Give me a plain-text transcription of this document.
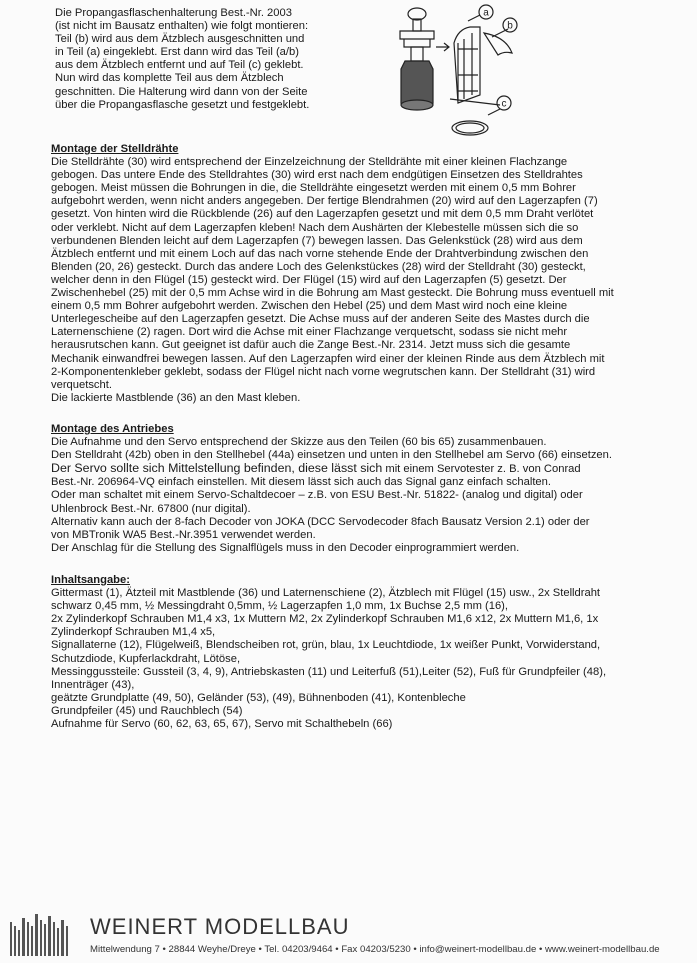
Die Propangasflaschenhalterung Best.-Nr. 2003

(ist nicht im Bausatz enthalten) wie folgt montieren:

Teil (b) wird aus dem Ätzblech ausgeschnitten und

in Teil (a) eingeklebt. Erst dann wird das Teil (a/b)

aus dem Ätzblech entfernt und auf Teil (c) geklebt.

Nun wird das komplette Teil aus dem Ätzblech

geschnitten. Die Halterung wird dann von der Seite

über die Propangasflasche gesetzt und festgeklebt.

a
b
c

Montage der Stelldrähte

Die Stelldrähte (30) wird entsprechend der Einzelzeichnung der Stelldrähte mit einer kleinen Flachzange

gebogen. Das untere Ende des Stelldrahtes (30) wird erst nach dem endgütigen Einsetzen des Stelldrahtes

gebogen. Meist müssen die Bohrungen in die, die Stelldrähte eingesetzt werden mit einem 0,5 mm Bohrer

aufgebohrt werden, wenn nicht anders angegeben. Der fertige Blendrahmen (20) wird auf den Lagerzapfen (7)

gesetzt. Von hinten wird die Rückblende (26) auf den Lagerzapfen gesetzt und mit dem 0,5 mm Draht verlötet

oder verklebt. Nicht auf dem Lagerzapfen kleben! Nach dem Aushärten der Klebestelle müssen sich die so

verbundenen Blenden leicht auf dem Lagerzapfen (7) bewegen lassen. Das Gelenkstück (28) wird aus dem

Ätzblech entfernt und mit einem Loch auf das nach vorne stehende Ende der Drahtverbindung zwischen den

Blenden (20, 26) gesteckt. Durch das andere Loch des Gelenkstückes (28) wird der Stelldraht (30) gesteckt,

welcher denn in den Flügel (15) gesteckt wird. Der Flügel (15) wird auf den Lagerzapfen (5) gesetzt. Der

Zwischenhebel (25) mit der 0,5 mm Achse wird in die Bohrung am Mast gesteckt. Die Bohrung muss eventuell mit

einem 0,5 mm Bohrer aufgebohrt werden. Zwischen den Hebel (25) und dem Mast wird noch eine kleine

Unterlegescheibe auf den Lagerzapfen gesetzt. Die Achse muss auf der anderen Seite des Mastes durch die

Laternenschiene (2) ragen. Dort wird die Achse mit einer Flachzange verquetscht, sodass sie nicht mehr

herausrutschen kann. Gut geeignet ist dafür auch die Zange Best.-Nr. 2314. Jetzt muss sich die gesamte

Mechanik einwandfrei bewegen lassen. Auf den Lagerzapfen wird einer der kleinen Rinde aus dem Ätzblech mit

2-Komponentenkleber geklebt, sodass der Flügel nicht nach vorne wegrutschen kann. Der Stelldraht (31) wird

verquetscht.

Die lackierte Mastblende (36) an den Mast kleben.

Montage des Antriebes

Die Aufnahme und den Servo entsprechend der Skizze aus den Teilen (60 bis 65) zusammenbauen.

Den Stelldraht (42b) oben in den Stellhebel (44a) einsetzen und unten in den Stellhebel am Servo (66) einsetzen.

Der Servo sollte sich Mittelstellung befinden, diese lässt sich mit einem Servotester z. B. von Conrad

Best.-Nr. 206964-VQ einfach einstellen. Mit diesem lässt sich auch das Signal ganz einfach schalten.

Oder man schaltet mit einem Servo-Schaltdecoer – z.B. von ESU Best.-Nr. 51822- (analog und digital) oder

Uhlenbrock Best.-Nr. 67800 (nur digital).

Alternativ kann auch der 8-fach Decoder von JOKA (DCC Servodecoder 8fach Bausatz Version 2.1) oder der

von MBTronik WA5 Best.-Nr.3951 verwendet werden.

Der Anschlag für die Stellung des Signalflügels muss in den Decoder einprogrammiert werden.

Inhaltsangabe:

Gittermast (1), Ätzteil mit Mastblende (36) und Laternenschiene (2), Ätzblech mit Flügel (15) usw., 2x Stelldraht

schwarz 0,45 mm, ½ Messingdraht 0,5mm, ½ Lagerzapfen 1,0 mm, 1x Buchse 2,5 mm (16),

2x Zylinderkopf Schrauben M1,4 x3, 1x Muttern M2, 2x Zylinderkopf Schrauben M1,6 x12, 2x Muttern M1,6, 1x

Zylinderkopf Schrauben M1,4 x5,

Signallaterne (12), Flügelweiß, Blendscheiben rot, grün, blau, 1x Leuchtdiode, 1x weißer Punkt, Vorwiderstand,

Schutzdiode, Kupferlackdraht, Lötöse,

Messinggussteile: Gussteil (3, 4, 9), Antriebskasten (11) und Leiterfuß (51),Leiter (52), Fuß für Grundpfeiler (48),

Innenträger (43),

geätzte Grundplatte (49, 50), Geländer (53), (49), Bühnenboden (41), Kontenbleche

Grundpfeiler (45) und Rauchblech (54)

Aufnahme für Servo (60, 62, 63, 65, 67), Servo mit Schalthebeln (66)

WEINERT MODELLBAU
Mittelwendung 7 • 28844 Weyhe/Dreye • Tel. 04203/9464 • Fax 04203/5230 • info@weinert-modellbau.de • www.weinert-modellbau.de
